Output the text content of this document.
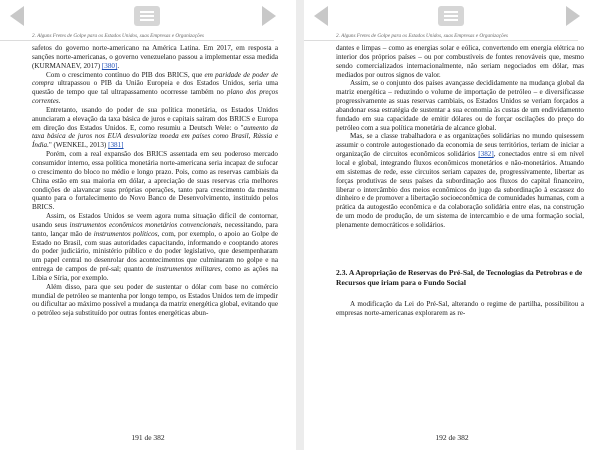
2. Alguns Fretes de Golpe para os Estados Unidos, suas Empresas e Organizações

safetos do governo norte-americano na América Latina. Em 2017, em resposta a sanções norte-americanas, o governo venezuelano passou a implementar essa medida (KURMANAEV, 2017) [380].

Com o crescimento contínuo do PIB dos BRICS, que em paridade de poder de compra ultrapassou o PIB da União Europeia e dos Estados Unidos, seria uma questão de tempo que tal ultrapassamento ocorresse também no plano dos preços correntes.

Entretanto, usando do poder de sua política monetária, os Estados Unidos anunciaram a elevação da taxa básica de juros e capitais saíram dos BRICS e Europa em direção dos Estados Unidos. E, como resumiu a Deutsch Wele: o "aumento da taxa básica de juros nos EUA desvaloriza moeda em países como Brasil, Rússia e Índia." (WENKEL, 2013) [381]

Porém, com a real expansão dos BRICS assentada em seu poderoso mercado consumidor interno, essa política monetária norte-americana seria incapaz de sufocar o crescimento do bloco no médio e longo prazo. Pois, como as reservas cambiais da China estão em sua maioria em dólar, a apreciação de suas reservas cria melhores condições de alavancar suas próprias operações, tanto para crescimento da mesma quanto para o fortalecimento do Novo Banco de Desenvolvimento, instituído pelos BRICS.

Assim, os Estados Unidos se veem agora numa situação difícil de contornar, usando seus instrumentos econômicos monetários convencionais, necessitando, para tanto, lançar mão de instrumentos políticos, com, por exemplo, o apoio ao Golpe de Estado no Brasil, com suas autoridades capacitando, informando e cooptando atores do poder judiciário, ministério público e do poder legislativo, que desempenharam um papel central no desenrolar dos acontecimentos que culminaram no golpe e na entrega de campos de pré-sal; quanto de instrumentos militares, como as ações na Líbia e Síria, por exemplo.

Além disso, para que seu poder de sustentar o dólar com base no comércio mundial de petróleo se mantenha por longo tempo, os Estados Unidos tem de impedir ou dificultar ao máximo possível a mudança da matriz energética global, evitando que o petróleo seja substituído por outras fontes energéticas abun-

191 de 382
2. Alguns Fretes de Golpe para os Estados Unidos, suas Empresas e Organizações

dantes e limpas – como as energias solar e eólica, convertendo em energia elétrica no interior dos próprios países – ou por combustíveis de fontes renováveis que, mesmo sendo comercializados internacionalmente, não seriam negociados em dólar, mas mediados por outros signos de valor.

Assim, se o conjunto dos países avançasse decididamente na mudança global da matriz energética – reduzindo o volume de importação de petróleo – e diversificasse progressivamente as suas reservas cambiais, os Estados Unidos se veriam forçados a abandonar essa estratégia de sustentar a sua economia às custas de um endividamento fundado em sua capacidade de emitir dólares ou de forçar oscilações do preço do petróleo com a sua política monetária de alcance global.

Mas, se a classe trabalhadora e as organizações solidárias no mundo quisessem assumir o controle autogestionado da economia de seus territórios, teriam de iniciar a organização de circuitos econômicos solidários [382], conectados entre si em nível local e global, integrando fluxos econômicos monetários e não-monetários. Atuando em sistemas de rede, esse circuitos seriam capazes de, progressivamente, libertar as forças produtivas de seus países da subordinação aos fluxos do capital financeiro, liberar o intercâmbio dos meios econômicos do jugo da subordinação à escassez do dinheiro e de promover a libertação socioeconômica de comunidades humanas, com a prática da autogestão econômica e da colaboração solidária entre elas, na construção de um modo de produção, de um sistema de intercambio e de uma formação social, plenamente democráticos e solidários.

2.3. A Apropriação de Reservas do Pré-Sal, de Tecnologias da Petrobras e de Recursos que iriam para o Fundo Social

A modificação da Lei do Pré-Sal, alterando o regime de partilha, possibilitou a empresas norte-americanas explorarem as re-

192 de 382
